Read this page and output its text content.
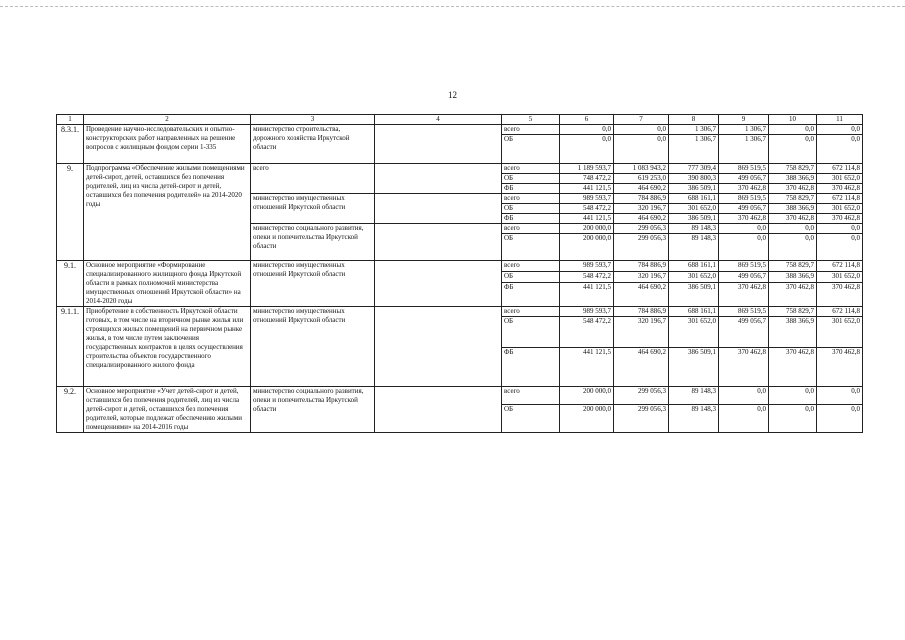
12
1	2	3	4	5	6	7	8	9	10	11	
8.3.1.	Проведение научно-исследовательских и опытно-конструкторских работ направленных на решение вопросов с жилищным фондом серии 1-335	министерство строительства, дорожного хозяйства Иркутской области		всего	0,0	0,0	1 306,7	1 306,7	0,0	0,0	
				ОБ	0,0	0,0	1 306,7	1 306,7	0,0	0,0	
9.	Подпрограмма «Обеспечение жилыми помещениями детей-сирот, детей, оставшихся без попечения родителей, лиц из числа детей-сирот и детей, оставшихся без попечения родителей» на 2014-2020 годы	всего		всего	1 189 593,7	1 083 943,2	777 309,4	869 519,5	758 829,7	672 114,8	
				ОБ	748 472,2	619 253,0	390 800,3	499 056,7	388 366,9	301 652,0	
				ФБ	441 121,5	464 690,2	386 509,1	370 462,8	370 462,8	370 462,8	
		министерство имущественных отношений Иркутской области		всего	989 593,7	784 886,9	688 161,1	869 519,5	758 829,7	672 114,8	
				ОБ	548 472,2	320 196,7	301 652,0	499 056,7	388 366,9	301 652,0	
				ФБ	441 121,5	464 690,2	386 509,1	370 462,8	370 462,8	370 462,8	
		министерство социального развития, опеки и попечительства Иркутской области		всего	200 000,0	299 056,3	89 148,3	0,0	0,0	0,0	
				ОБ	200 000,0	299 056,3	89 148,3	0,0	0,0	0,0	
9.1.	Основное мероприятие «Формирование специализированного жилищного фонда Иркутской области в рамках полномочий министерства имущественных отношений Иркутской области» на 2014-2020 годы	министерство имущественных отношений Иркутской области		всего	989 593,7	784 886,9	688 161,1	869 519,5	758 829,7	672 114,8	
				ОБ	548 472,2	320 196,7	301 652,0	499 056,7	388 366,9	301 652,0	
				ФБ	441 121,5	464 690,2	386 509,1	370 462,8	370 462,8	370 462,8	
9.1.1.	Приобретение в собственность Иркутской области готовых, в том числе на вторичном рынке жилья или строящихся жилых помещений на первичном рынке жилья, в том числе путем заключения государственных контрактов в целях осуществления строительства объектов государственного специализированного жилого фонда	министерство имущественных отношений Иркутской области		всего	989 593,7	784 886,9	688 161,1	869 519,5	758 829,7	672 114,8	
				ОБ	548 472,2	320 196,7	301 652,0	499 056,7	388 366,9	301 652,0	
				ФБ	441 121,5	464 690,2	386 509,1	370 462,8	370 462,8	370 462,8	
9.2.	Основное мероприятие «Учет детей-сирот и детей, оставшихся без попечения родителей, лиц из числа детей-сирот и детей, оставшихся без попечения родителей, которые подлежат обеспечению жилыми помещениями» на 2014-2016 годы	министерство социального развития, опеки и попечительства Иркутской области		всего	200 000,0	299 056,3	89 148,3	0,0	0,0	0,0	
				ОБ	200 000,0	299 056,3	89 148,3	0,0	0,0	0,0	
